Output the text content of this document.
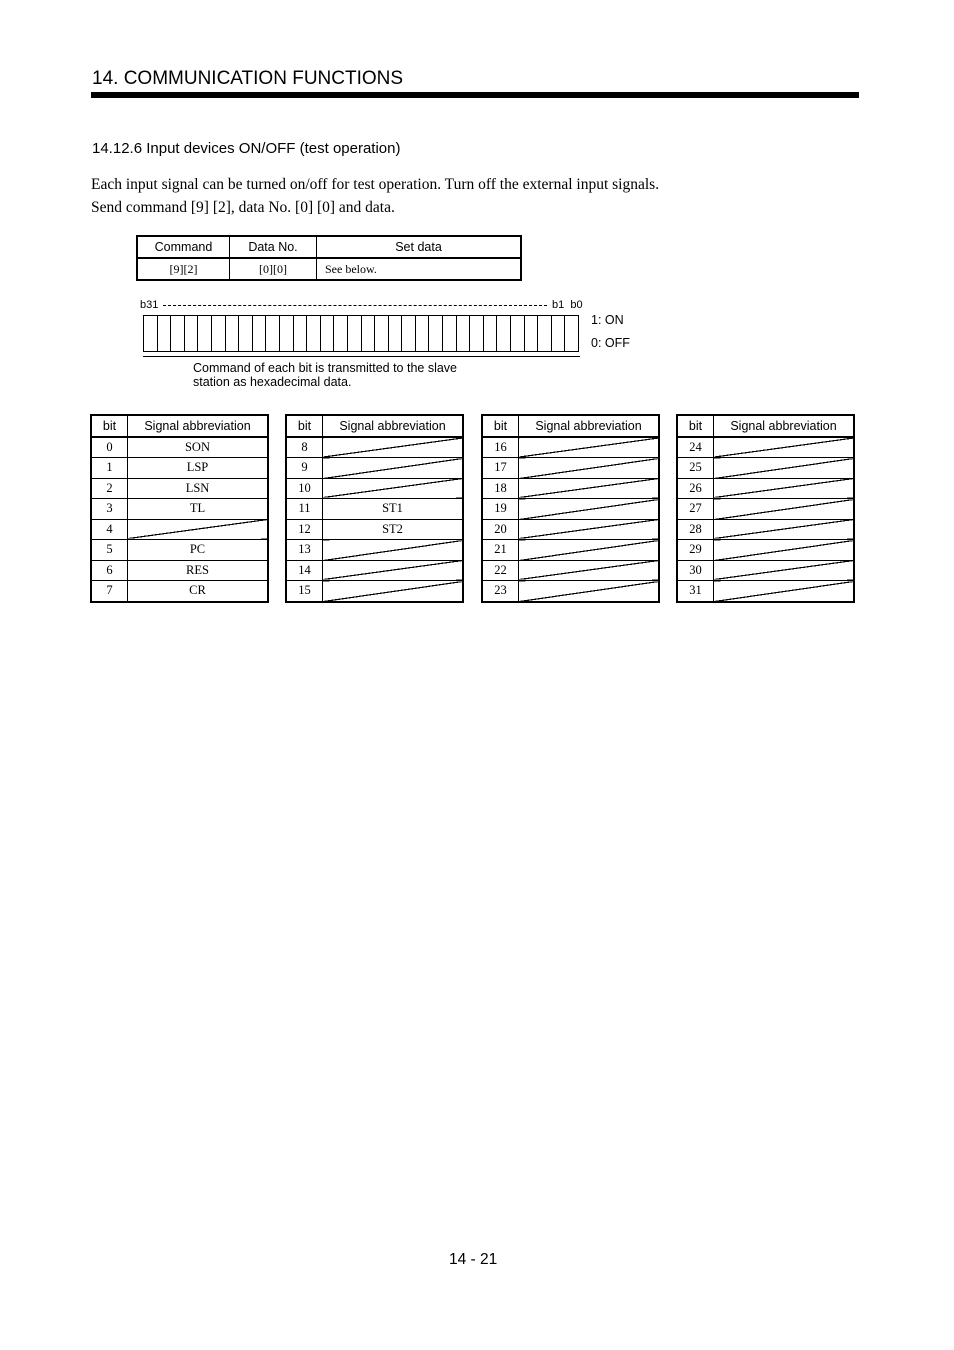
14. COMMUNICATION FUNCTIONS
14.12.6 Input devices ON/OFF (test operation)
Each input signal can be turned on/off for test operation. Turn off the external input signals.
Send command [9] [2], data No. [0] [0] and data.
Command	Data No.	Set data
[9][2]	[0][0]	See below.
b31	b1  b0
1: ON
0: OFF
Command of each bit is transmitted to the slave station as hexadecimal data.
bit	Signal abbreviation
0	SON
1	LSP
2	LSN
3	TL
4	
5	PC
6	RES
7	CR
bit	Signal abbreviation
8	
9	
10	
11	ST1
12	ST2
13	
14	
15	
bit	Signal abbreviation
16	
17	
18	
19	
20	
21	
22	
23	
bit	Signal abbreviation
24	
25	
26	
27	
28	
29	
30	
31	
14 - 21
